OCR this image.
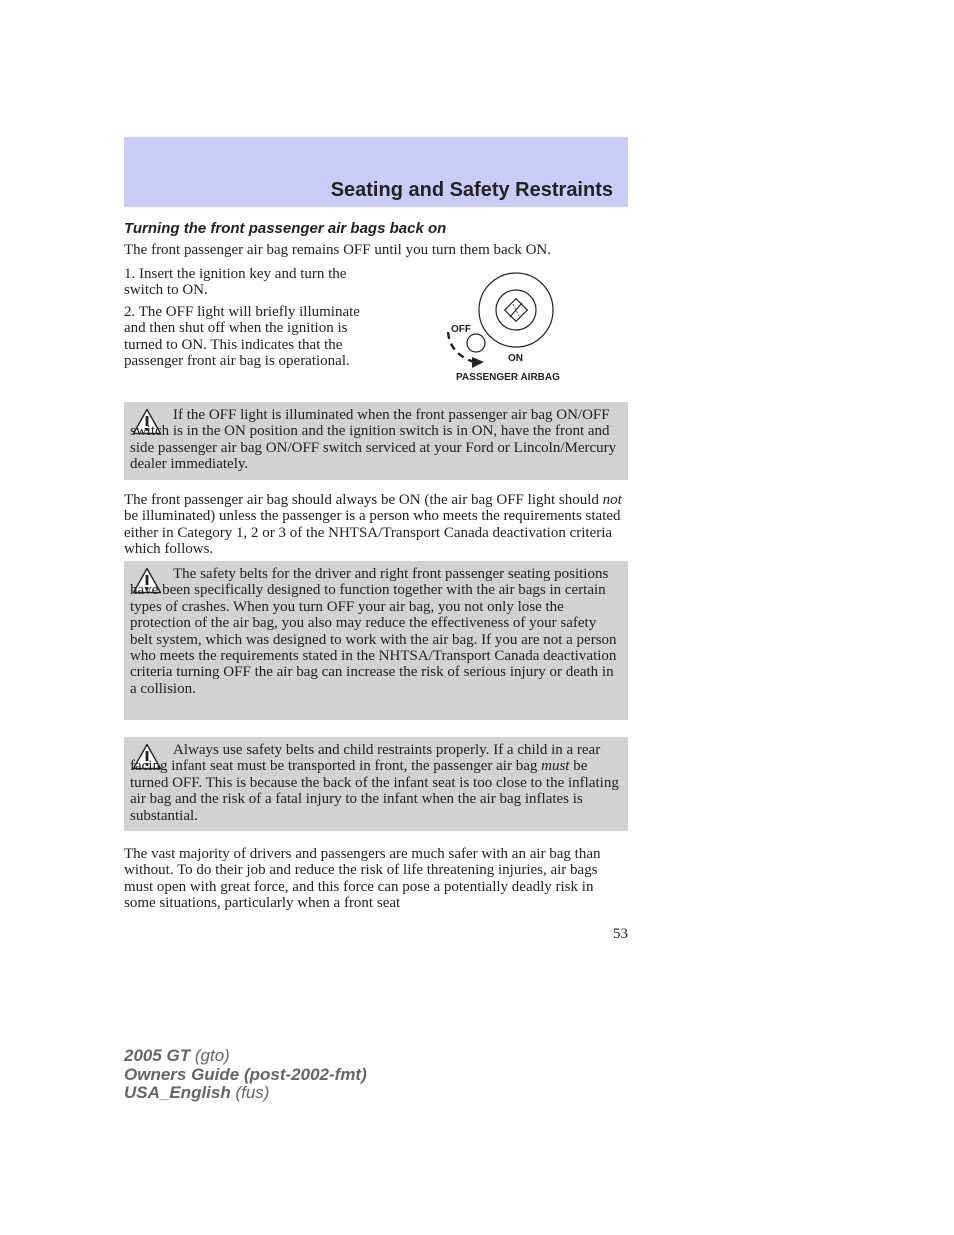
Seating and Safety Restraints
Turning the front passenger air bags back on

The front passenger air bag remains OFF until you turn them back ON.

1. Insert the ignition key and turn the switch to ON.

2. The OFF light will briefly illuminate and then shut off when the ignition is turned to ON. This indicates that the passenger front air bag is operational.

OFF
ON
PASSENGER AIRBAG

If the OFF light is illuminated when the front passenger air bag ON/OFF switch is in the ON position and the ignition switch is in ON, have the front and side passenger air bag ON/OFF switch serviced at your Ford or Lincoln/Mercury dealer immediately.

The front passenger air bag should always be ON (the air bag OFF light should not be illuminated) unless the passenger is a person who meets the requirements stated either in Category 1, 2 or 3 of the NHTSA/Transport Canada deactivation criteria which follows.

The safety belts for the driver and right front passenger seating positions have been specifically designed to function together with the air bags in certain types of crashes. When you turn OFF your air bag, you not only lose the protection of the air bag, you also may reduce the effectiveness of your safety belt system, which was designed to work with the air bag. If you are not a person who meets the requirements stated in the NHTSA/Transport Canada deactivation criteria turning OFF the air bag can increase the risk of serious injury or death in a collision.

Always use safety belts and child restraints properly. If a child in a rear facing infant seat must be transported in front, the passenger air bag must be turned OFF. This is because the back of the infant seat is too close to the inflating air bag and the risk of a fatal injury to the infant when the air bag inflates is substantial.

The vast majority of drivers and passengers are much safer with an air bag than without. To do their job and reduce the risk of life threatening injuries, air bags must open with great force, and this force can pose a potentially deadly risk in some situations, particularly when a front seat

53
2005 GT (gto)
Owners Guide (post-2002-fmt)
USA_English (fus)
